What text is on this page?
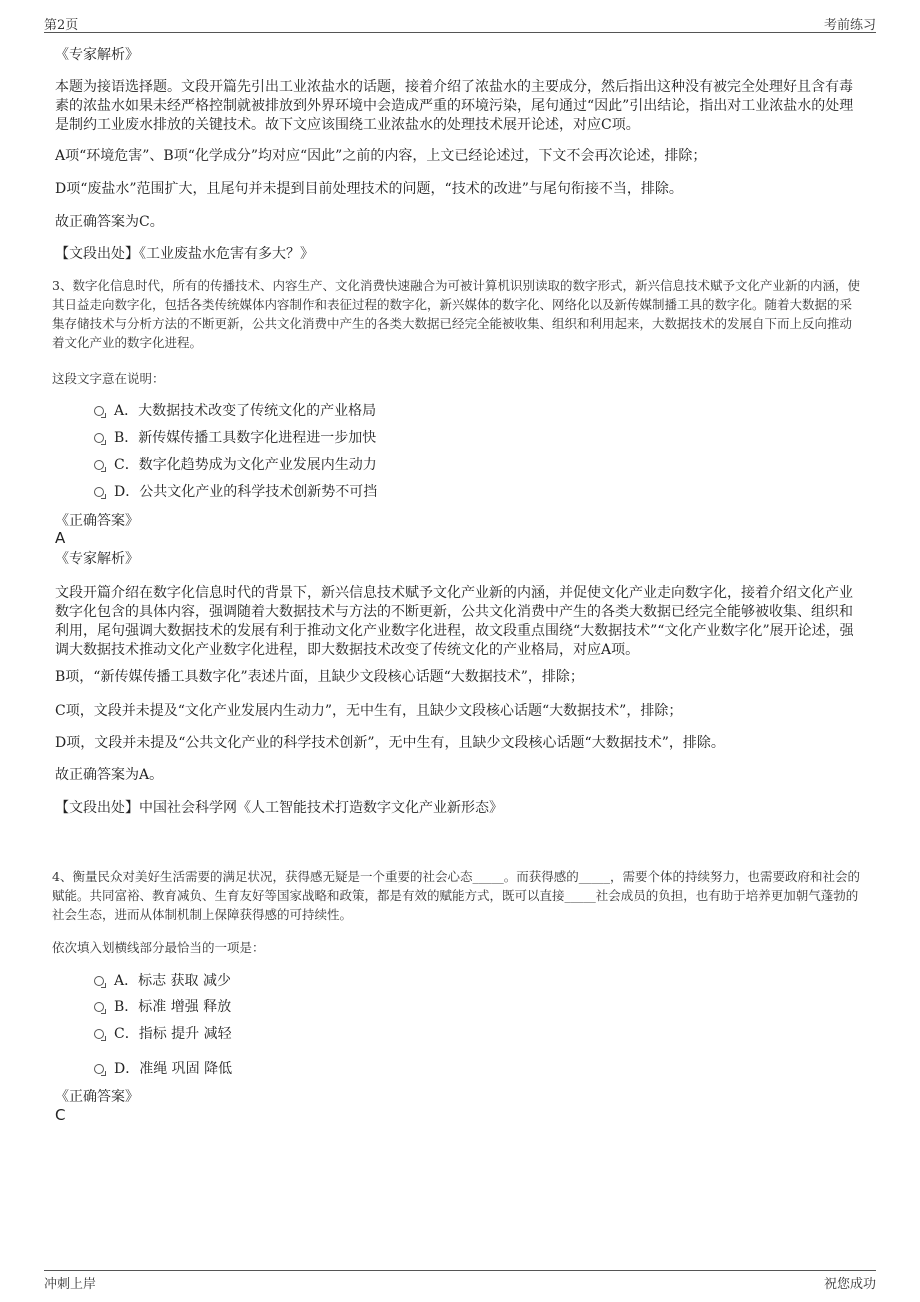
第2页	考前练习
《专家解析》
本题为接语选择题。文段开篇先引出工业浓盐水的话题，接着介绍了浓盐水的主要成分，然后指出这种没有被完全处理好且含有毒素的浓盐水如果未经严格控制就被排放到外界环境中会造成严重的环境污染，尾句通过“因此”引出结论，指出对工业浓盐水的处理是制约工业废水排放的关键技术。故下文应该围绕工业浓盐水的处理技术展开论述，对应C项。
A项“环境危害”、B项“化学成分”均对应“因此”之前的内容，上文已经论述过，下文不会再次论述，排除；
D项“废盐水”范围扩大，且尾句并未提到目前处理技术的问题，“技术的改进”与尾句衔接不当，排除。
故正确答案为C。
【文段出处】《工业废盐水危害有多大？》
3、数字化信息时代，所有的传播技术、内容生产、文化消费快速融合为可被计算机识别读取的数字形式，新兴信息技术赋予文化产业新的内涵，使其日益走向数字化，包括各类传统媒体内容制作和表征过程的数字化，新兴媒体的数字化、网络化以及新传媒制播工具的数字化。随着大数据的采集存储技术与分析方法的不断更新，公共文化消费中产生的各类大数据已经完全能被收集、组织和利用起来，大数据技术的发展自下而上反向推动着文化产业的数字化进程。
这段文字意在说明：
A．大数据技术改变了传统文化的产业格局
B．新传媒传播工具数字化进程进一步加快
C．数字化趋势成为文化产业发展内生动力
D．公共文化产业的科学技术创新势不可挡
《正确答案》
A
《专家解析》
文段开篇介绍在数字化信息时代的背景下，新兴信息技术赋予文化产业新的内涵，并促使文化产业走向数字化，接着介绍文化产业数字化包含的具体内容，强调随着大数据技术与方法的不断更新，公共文化消费中产生的各类大数据已经完全能够被收集、组织和利用，尾句强调大数据技术的发展有利于推动文化产业数字化进程，故文段重点围绕“大数据技术”“文化产业数字化”展开论述，强调大数据技术推动文化产业数字化进程，即大数据技术改变了传统文化的产业格局，对应A项。
B项，“新传媒传播工具数字化”表述片面，且缺少文段核心话题“大数据技术”，排除；
C项，文段并未提及“文化产业发展内生动力”，无中生有，且缺少文段核心话题“大数据技术”，排除；
D项，文段并未提及“公共文化产业的科学技术创新”，无中生有，且缺少文段核心话题“大数据技术”，排除。
故正确答案为A。
【文段出处】中国社会科学网《人工智能技术打造数字文化产业新形态》
4、衡量民众对美好生活需要的满足状况，获得感无疑是一个重要的社会心态_____。而获得感的_____，需要个体的持续努力，也需要政府和社会的赋能。共同富裕、教育减负、生育友好等国家战略和政策，都是有效的赋能方式，既可以直接_____社会成员的负担，也有助于培养更加朝气蓬勃的社会生态，进而从体制机制上保障获得感的可持续性。
依次填入划横线部分最恰当的一项是：
A．标志 获取 减少
B．标准 增强 释放
C．指标 提升 减轻
D．准绳 巩固 降低
《正确答案》
C
冲刺上岸	祝您成功
